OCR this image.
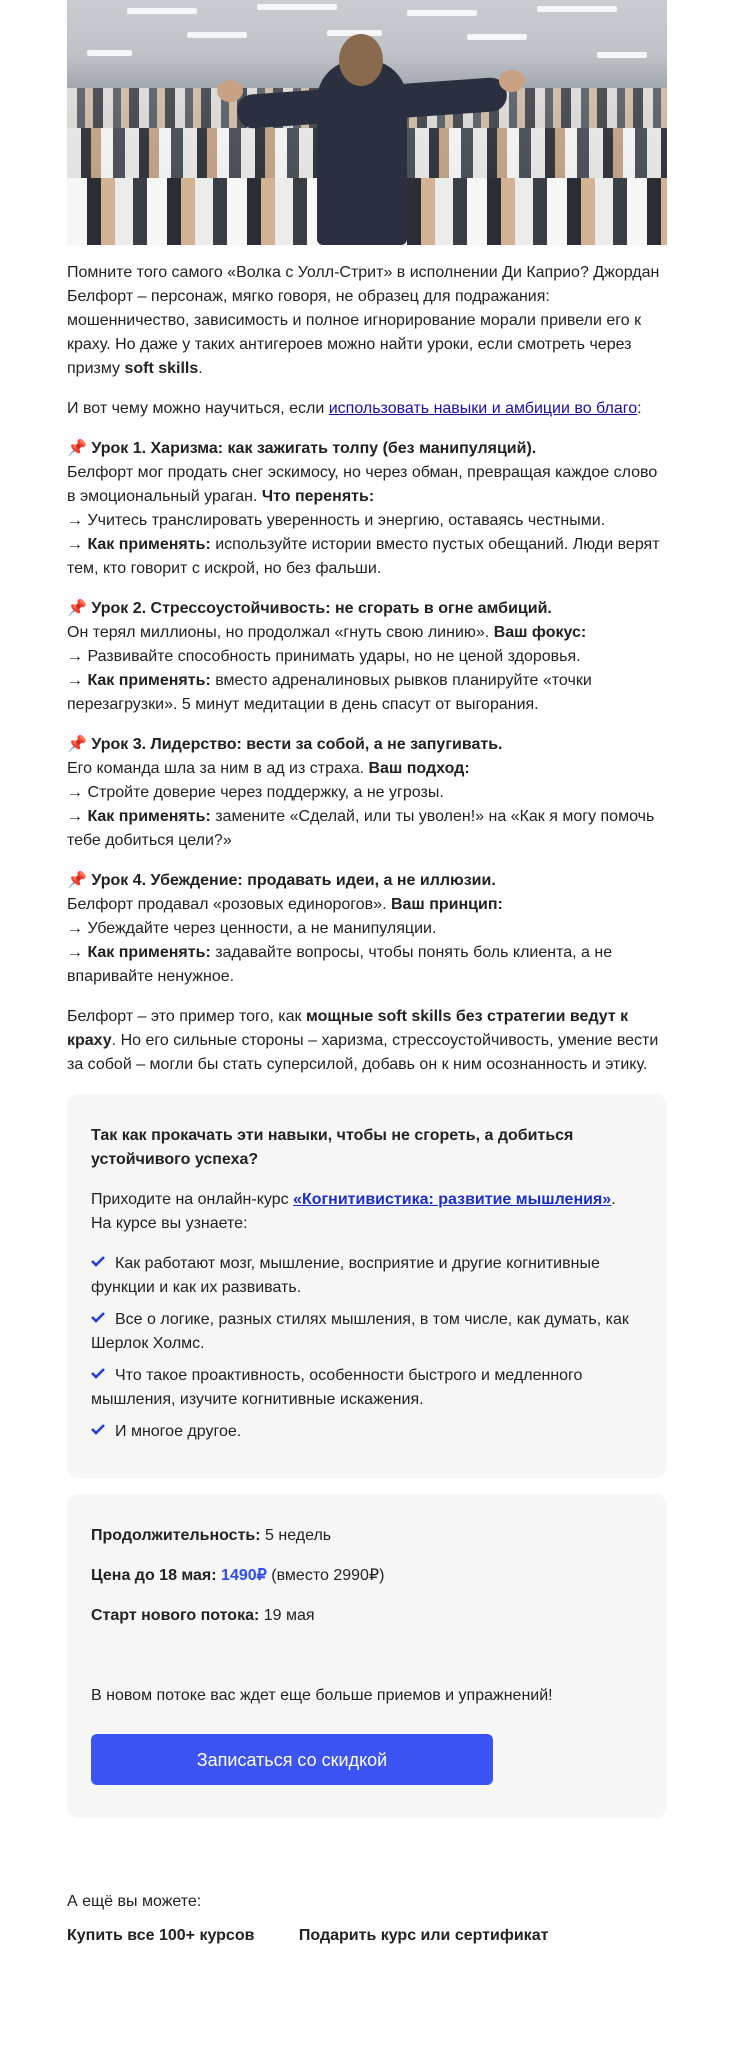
Помните того самого «Волка с Уолл-Стрит» в исполнении Ди Каприо? Джордан Белфорт – персонаж, мягко говоря, не образец для подражания: мошенничество, зависимость и полное игнорирование морали привели его к краху. Но даже у таких антигероев можно найти уроки, если смотреть через призму soft skills.
И вот чему можно научиться, если использовать навыки и амбиции во благо:
📌 Урок 1. Харизма: как зажигать толпу (без манипуляций).
Белфорт мог продать снег эскимосу, но через обман, превращая каждое слово в эмоциональный ураган. Что перенять:
→ Учитесь транслировать уверенность и энергию, оставаясь честными.
→ Как применять: используйте истории вместо пустых обещаний. Люди верят тем, кто говорит с искрой, но без фальши.
📌 Урок 2. Стрессоустойчивость: не сгорать в огне амбиций.
Он терял миллионы, но продолжал «гнуть свою линию». Ваш фокус:
→ Развивайте способность принимать удары, но не ценой здоровья.
→ Как применять: вместо адреналиновых рывков планируйте «точки перезагрузки». 5 минут медитации в день спасут от выгорания.
📌 Урок 3. Лидерство: вести за собой, а не запугивать.
Его команда шла за ним в ад из страха. Ваш подход:
→ Стройте доверие через поддержку, а не угрозы.
→ Как применять: замените «Сделай, или ты уволен!» на «Как я могу помочь тебе добиться цели?»
📌 Урок 4. Убеждение: продавать идеи, а не иллюзии.
Белфорт продавал «розовых единорогов». Ваш принцип:
→ Убеждайте через ценности, а не манипуляции.
→ Как применять: задавайте вопросы, чтобы понять боль клиента, а не впаривайте ненужное.
Белфорт – это пример того, как мощные soft skills без стратегии ведут к краху. Но его сильные стороны – харизма, стрессоустойчивость, умение вести за собой – могли бы стать суперсилой, добавь он к ним осознанность и этику.
Так как прокачать эти навыки, чтобы не сгореть, а добиться устойчивого успеха?
Приходите на онлайн-курс «Когнитивистика: развитие мышления».
На курсе вы узнаете:
Как работают мозг, мышление, восприятие и другие когнитивные функции и как их развивать.
Все о логике, разных стилях мышления, в том числе, как думать, как Шерлок Холмс.
Что такое проактивность, особенности быстрого и медленного мышления, изучите когнитивные искажения.
И многое другое.
Продолжительность: 5 недель
Цена до 18 мая: 1490₽ (вместо 2990₽)
Старт нового потока: 19 мая
В новом потоке вас ждет еще больше приемов и упражнений!
Записаться со скидкой
А ещё вы можете:
Купить все 100+ курсов	Подарить курс или сертификат
